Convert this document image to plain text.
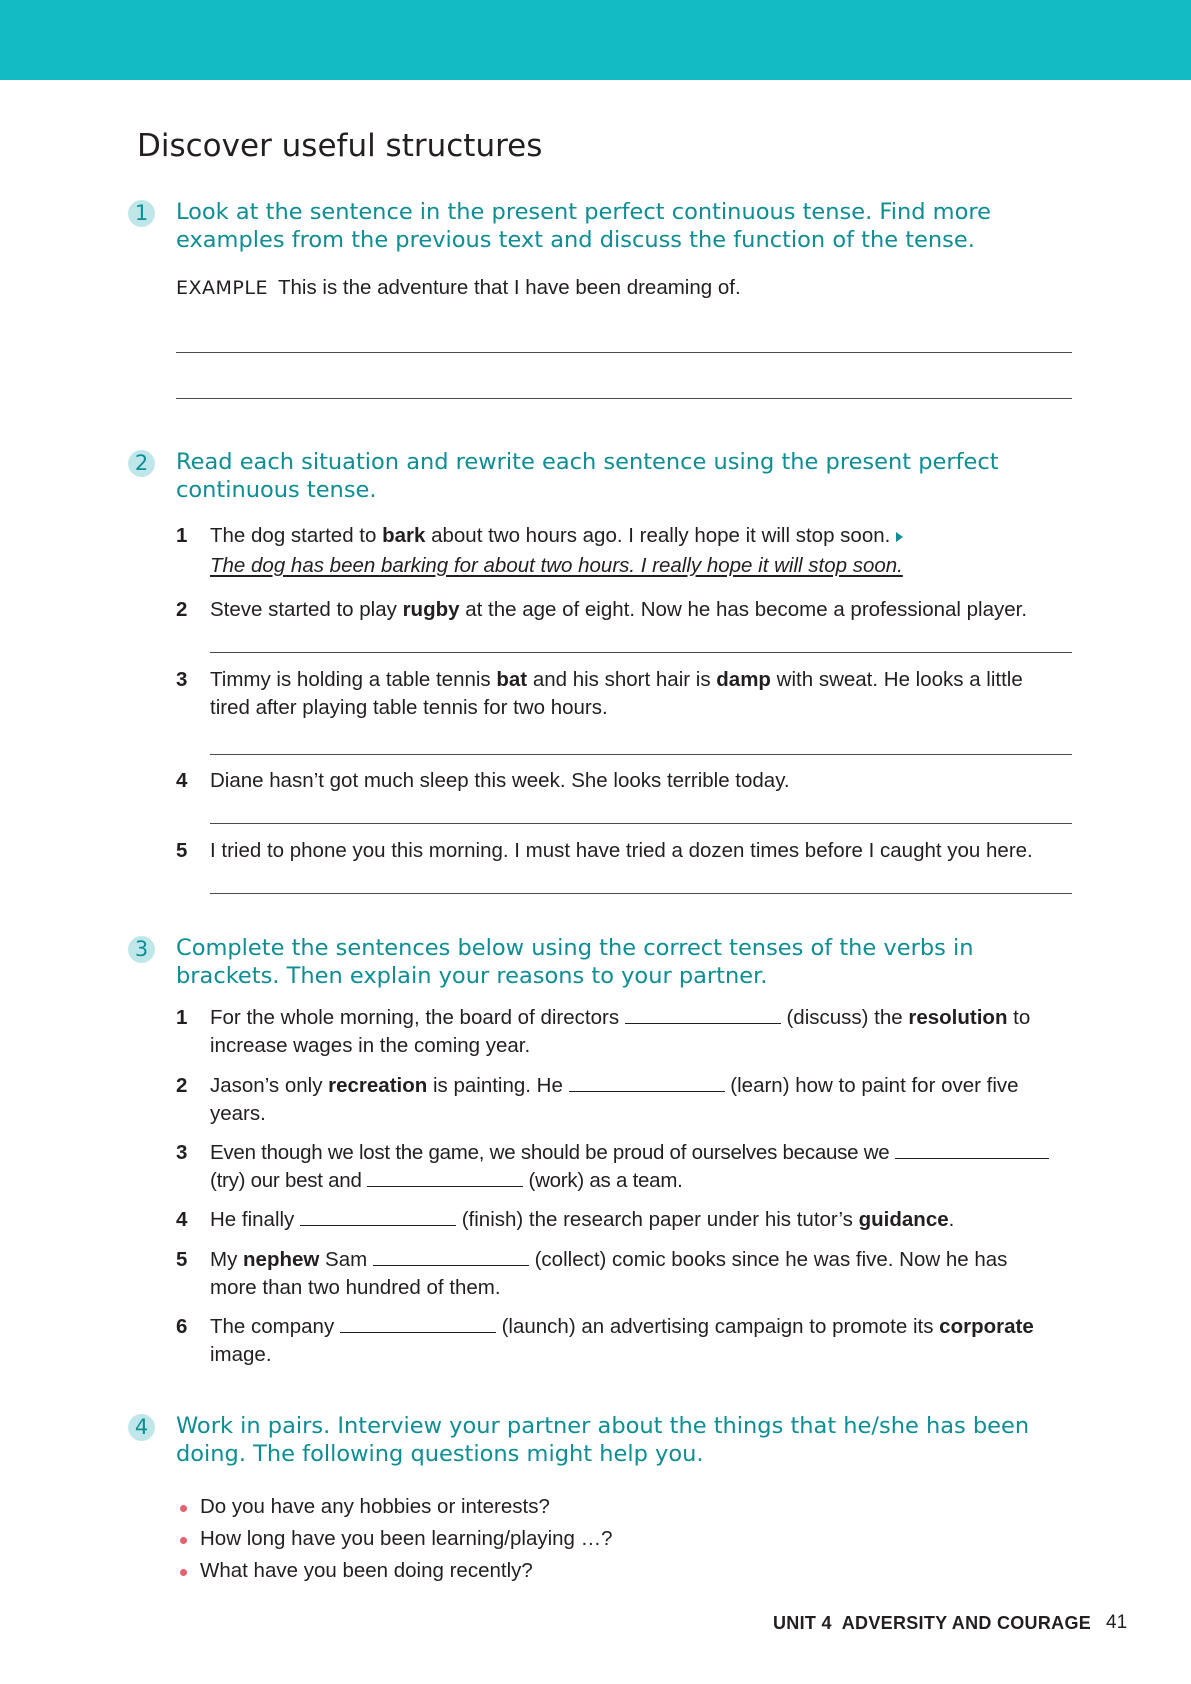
Discover useful structures
1	Look at the sentence in the present perfect continuous tense. Find more
examples from the previous text and discuss the function of the tense.
EXAMPLE This is the adventure that I have been dreaming of.
2	Read each situation and rewrite each sentence using the present perfect
continuous tense.
1 The dog started to bark about two hours ago. I really hope it will stop soon.
The dog has been barking for about two hours. I really hope it will stop soon.
2 Steve started to play rugby at the age of eight. Now he has become a professional player.
3 Timmy is holding a table tennis bat and his short hair is damp with sweat. He looks a little
tired after playing table tennis for two hours.
4 Diane hasn’t got much sleep this week. She looks terrible today.
5 I tried to phone you this morning. I must have tried a dozen times before I caught you here.
3	Complete the sentences below using the correct tenses of the verbs in
brackets. Then explain your reasons to your partner.
1 For the whole morning, the board of directors	(discuss) the resolution to
increase wages in the coming year.
2 Jason’s only recreation is painting. He	(learn) how to paint for over five
years.
3 Even though we lost the game, we should be proud of ourselves because we
(try) our best and	(work) as a team.
4 He finally	(finish) the research paper under his tutor’s guidance.
5 My nephew Sam	(collect) comic books since he was five. Now he has
more than two hundred of them.
6 The company	(launch) an advertising campaign to promote its corporate
image.
4	Work in pairs. Interview your partner about the things that he/she has been
doing. The following questions might help you.
Do you have any hobbies or interests?
How long have you been learning/playing …?
What have you been doing recently?
UNIT 4  ADVERSITY AND COURAGE 41
